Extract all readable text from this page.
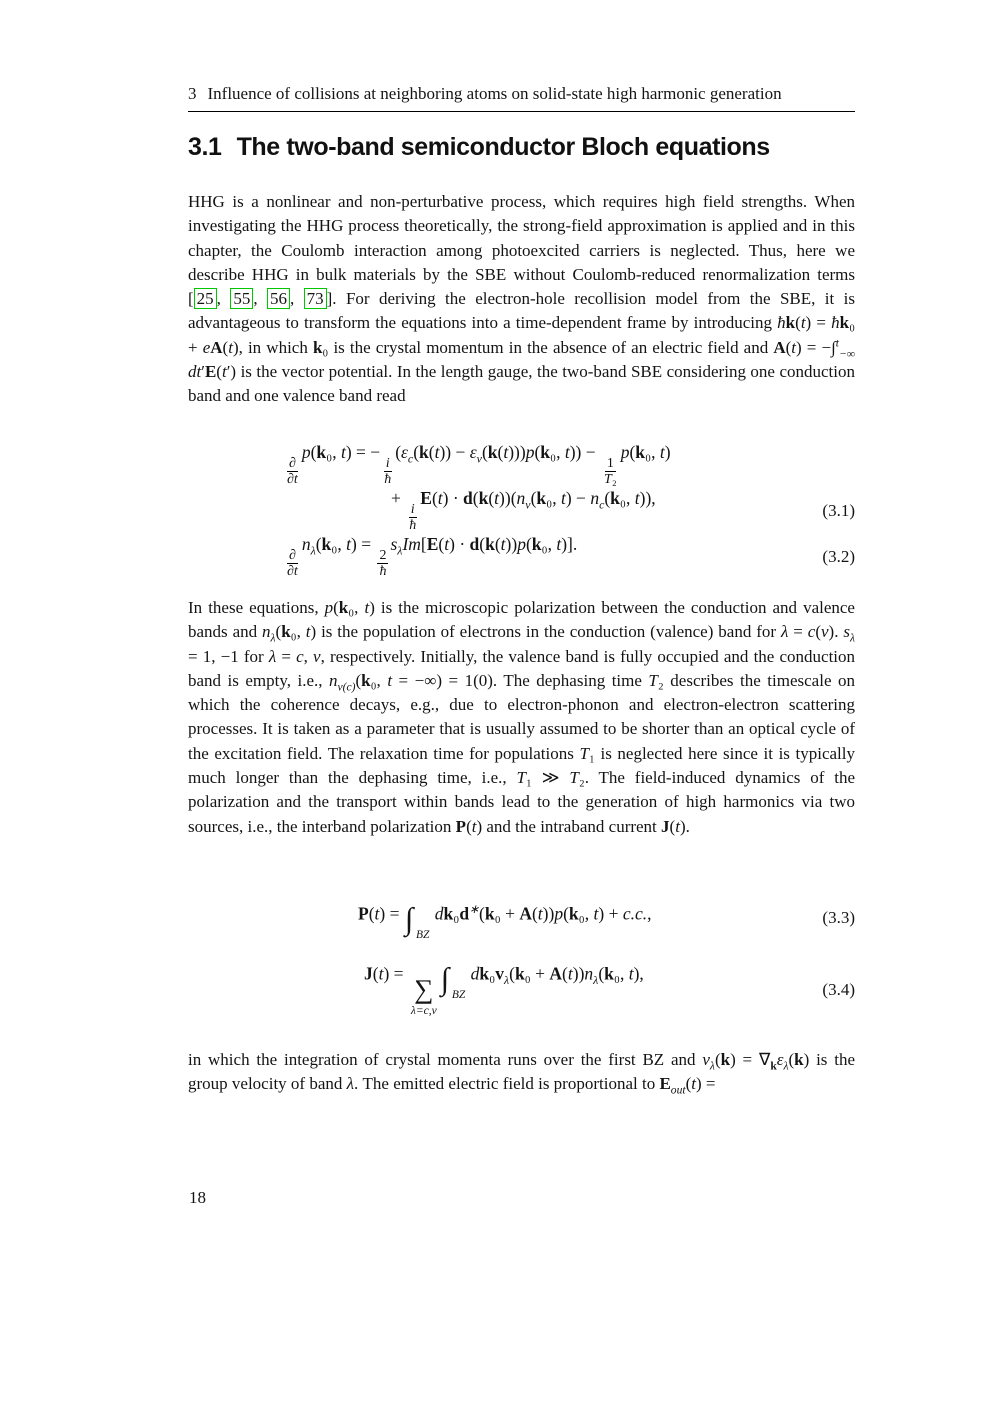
3 Influence of collisions at neighboring atoms on solid-state high harmonic generation
3.1 The two-band semiconductor Bloch equations

HHG is a nonlinear and non-perturbative process, which requires high field strengths. When investigating the HHG process theoretically, the strong-field approximation is applied and in this chapter, the Coulomb interaction among photoexcited carriers is neglected. Thus, here we describe HHG in bulk materials by the SBE without Coulomb-reduced renormalization terms [ 25 , 55 , 56 , 73 ]. For deriving the electron-hole recollision model from the SBE, it is advantageous to transform the equations into a time-dependent frame by introducing ħk(t) = ħk₀ + eA(t), in which k₀ is the crystal momentum in the absence of an electric field and A(t) = −∫$^t_{-\infty}$ dt′E(t′) is the vector potential. In the length gauge, the two-band SBE considering one conduction band and one valence band read

$\frac{\partial}{\partial t}$
p(k₀, t) = −
$\frac{i}{ħ}$
$(\varepsilon_c(k(t)) - \varepsilon_v(k(t)))p(k_0$, t)) −
$\frac{1}{\text{T₂}}$
p(k₀, t)
+
$\frac{i}{ħ}$
$E(t) \cdot d(k(t))(n_v(k_0$, $t) - n_c(k_0$, t)),
(3.1)
$\frac{\partial}{\partial t}$
$n_\lambda(k_0$, t) =
$\frac{2}{ħ}$
$s_\lambda Im[E(t) \cdot d(k(t))p(k_0$, t)].
(3.2)

In these equations, p(k₀, t) is the microscopic polarization between the conduction and valence bands and $n_\lambda(k_0$, t) is the population of electrons in the conduction (valence) band for λ = c(v). $s_\lambda = 1$, −1 for λ = c, v, respectively. Initially, the valence band is fully occupied and the conduction band is empty, i.e., $n_{v(c)}(k_0$, t = −∞) = 1(0). The dephasing time T₂ describes the timescale on which the coherence decays, e.g., due to electron-phonon and electron-electron scattering processes. It is taken as a parameter that is usually assumed to be shorter than an optical cycle of the excitation field. The relaxation time for populations T₁ is neglected here since it is typically much longer than the dephasing time, i.e., T₁ ≫ T₂. The field-induced dynamics of the polarization and the transport within bands lead to the generation of high harmonics via two sources, i.e., the interband polarization P(t) and the intraband current J(t).

P(t) = ∫ BZ
dk₀d∗(k₀ + A(t))p(k₀, t) + c.c.,	(3.3)
J(t) =
∑
λ=c,v
∫ BZ
$dk_0v_\lambda(k_0 + A(t))n_\lambda(k_0$, t),
(3.4)

in which the integration of crystal momenta runs over the first BZ and $v_\lambda(k) = \nabla_k\varepsilon_\lambda(k)$ is the group velocity of band λ. The emitted electric field is proportional to $E_{out}(t)$ =

18
